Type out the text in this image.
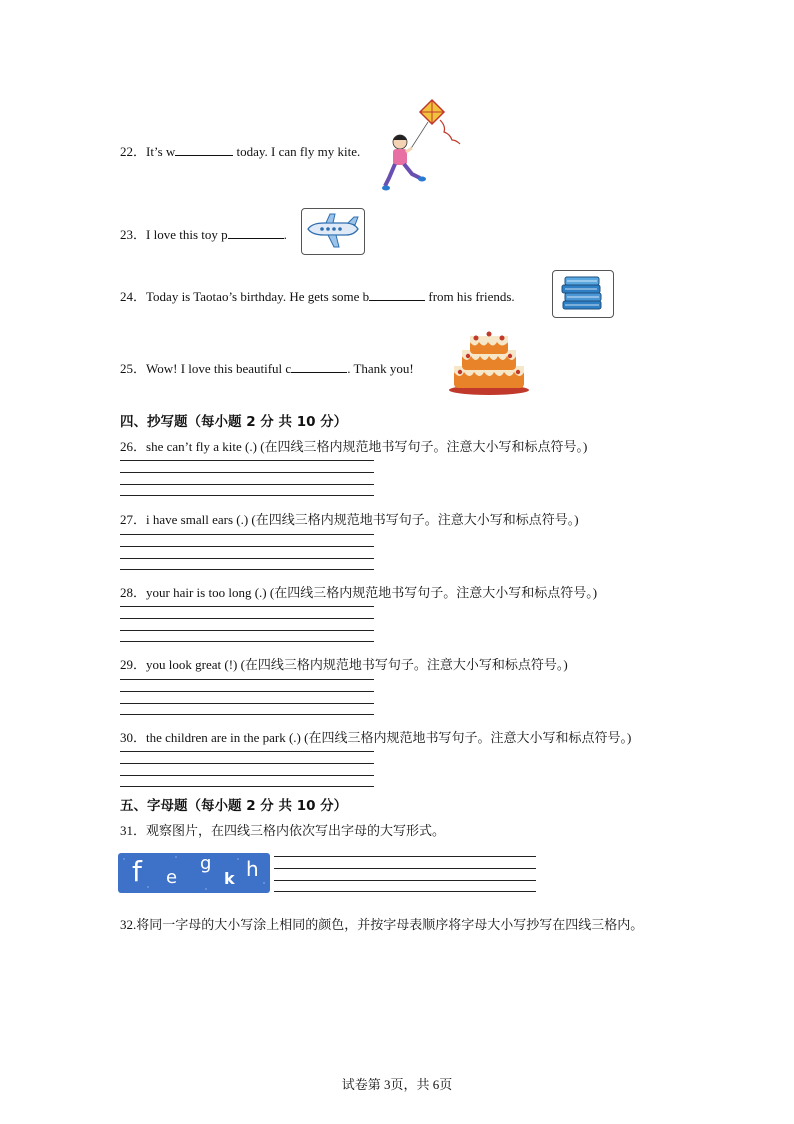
22．It’s w	today. I can fly my kite.
23．I love this toy p	.
24．Today is Taotao’s birthday. He gets some b	from his friends.
25．Wow! I love this beautiful c	. Thank you!
四、抄写题（每小题 2 分 共 10 分）
26．she can’t fly a kite (.) (在四线三格内规范地书写句子。注意大小写和标点符号。)
27．i have small ears (.) (在四线三格内规范地书写句子。注意大小写和标点符号。)
28．your hair is too long (.) (在四线三格内规范地书写句子。注意大小写和标点符号。)
29．you look great (!) (在四线三格内规范地书写句子。注意大小写和标点符号。)
30．the children are in the park (.) (在四线三格内规范地书写句子。注意大小写和标点符号。)
五、字母题（每小题 2 分 共 10 分）
31．观察图片，在四线三格内依次写出字母的大写形式。
f e
g
k h
32.将同一字母的大小写涂上相同的颜色，并按字母表顺序将字母大小写抄写在四线三格内。
试卷第 3页，共 6页
